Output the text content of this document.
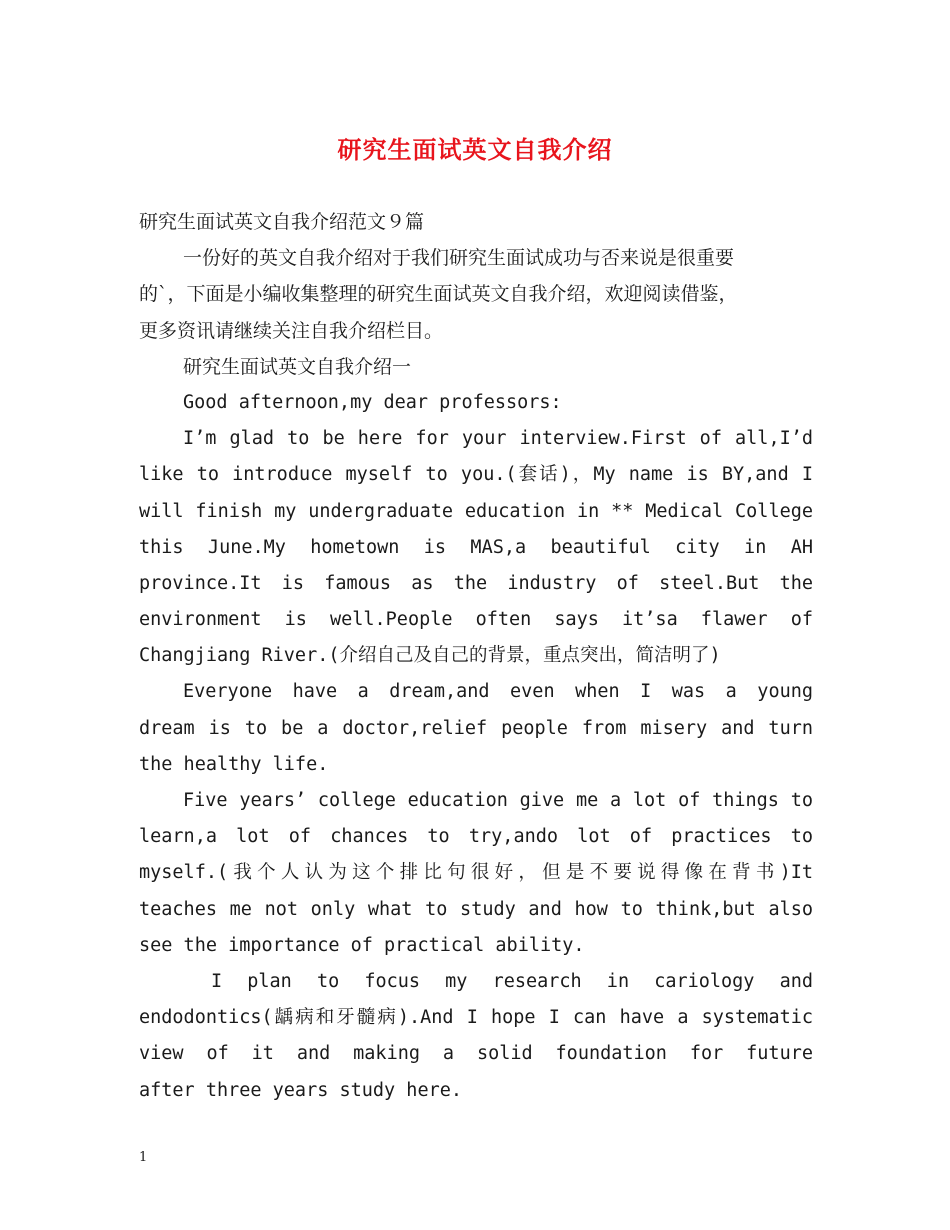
研究生面试英文自我介绍
研究生面试英文自我介绍范文９篇
一份好的英文自我介绍对于我们研究生面试成功与否来说是很重要
的`，下面是小编收集整理的研究生面试英文自我介绍，欢迎阅读借鉴，
更多资讯请继续关注自我介绍栏目。
研究生面试英文自我介绍一
Good afternoon,my dear professors:
I’m glad to be here for your interview.First of all,I’d
like to introduce myself to you.(套话)，My name is BY,and I
will finish my undergraduate education in ** Medical College
this June.My hometown is MAS,a beautiful city in AH
province.It is famous as the industry of steel.But the
environment is well.People often says it’sa flawer of
Changjiang River.(介绍自己及自己的背景，重点突出，简洁明了)
Everyone have a dream,and even when I was a young
dream is to be a doctor,relief people from misery and turn
the healthy life.
Five years’ college education give me a lot of things to
learn,a lot of chances to try,ando lot of practices to
myself.(我个人认为这个排比句很好，但是不要说得像在背书)It
teaches me not only what to study and how to think,but also
see the importance of practical ability.
I plan to focus my research in cariology and
endodontics(龋病和牙髓病).And I hope I can have a systematic
view of it and making a solid foundation for future
after three years study here.
1
